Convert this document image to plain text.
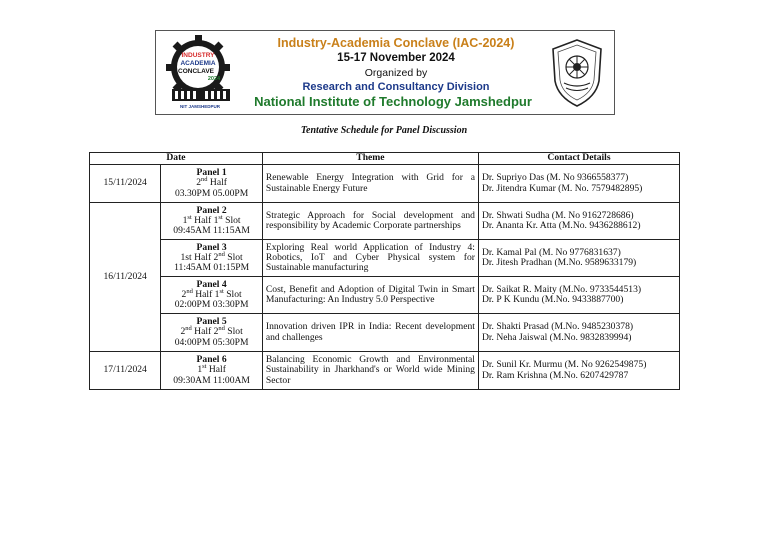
INDUSTRY
ACADEMIA
CONCLAVE
2024
NIT JAMSHEDPUR
Industry-Academia Conclave (IAC-2024)
15-17 November 2024
Organized by
Research and Consultancy Division
National Institute of Technology Jamshedpur
Tentative Schedule for Panel Discussion
Date		Theme	Contact Details
15/11/2024	Panel 1
2nd Half
03.30PM 05.00PM	Renewable Energy Integration with Grid for a Sustainable Energy Future	Dr. Supriyo Das (M. No 9366558377)
Dr. Jitendra Kumar (M. No. 7579482895)

16/11/2024	Panel 2
1st Half 1st Slot
09:45AM 11:15AM	Strategic Approach for Social development and responsibility by Academic Corporate partnerships	Dr. Shwati Sudha (M. No 9162728686)
Dr. Ananta Kr. Atta (M.No. 9436288612)

	Panel 3
1st Half 2nd Slot
11:45AM 01:15PM	Exploring Real world Application of Industry 4: Robotics, IoT and Cyber Physical system for Sustainable manufacturing	Dr. Kamal Pal (M. No 9776831637)
Dr. Jitesh Pradhan (M.No. 9589633179)

	Panel 4
2nd Half 1st Slot
02:00PM 03:30PM	Cost, Benefit and Adoption of Digital Twin in Smart Manufacturing: An Industry 5.0 Perspective	Dr. Saikat R. Maity (M.No. 9733544513)
Dr. P K Kundu (M.No. 9433887700)

	Panel 5
2nd Half 2nd Slot
04:00PM 05:30PM	Innovation driven IPR in India: Recent development and challenges	Dr. Shakti Prasad (M.No. 9485230378)
Dr. Neha Jaiswal (M.No. 9832839994)

17/11/2024	Panel 6
1st Half
09:30AM 11:00AM	Balancing Economic Growth and Environmental Sustainability in Jharkhand's or World wide Mining Sector	Dr. Sunil Kr. Murmu (M. No 9262549875)
Dr. Ram Krishna (M.No. 6207429787
